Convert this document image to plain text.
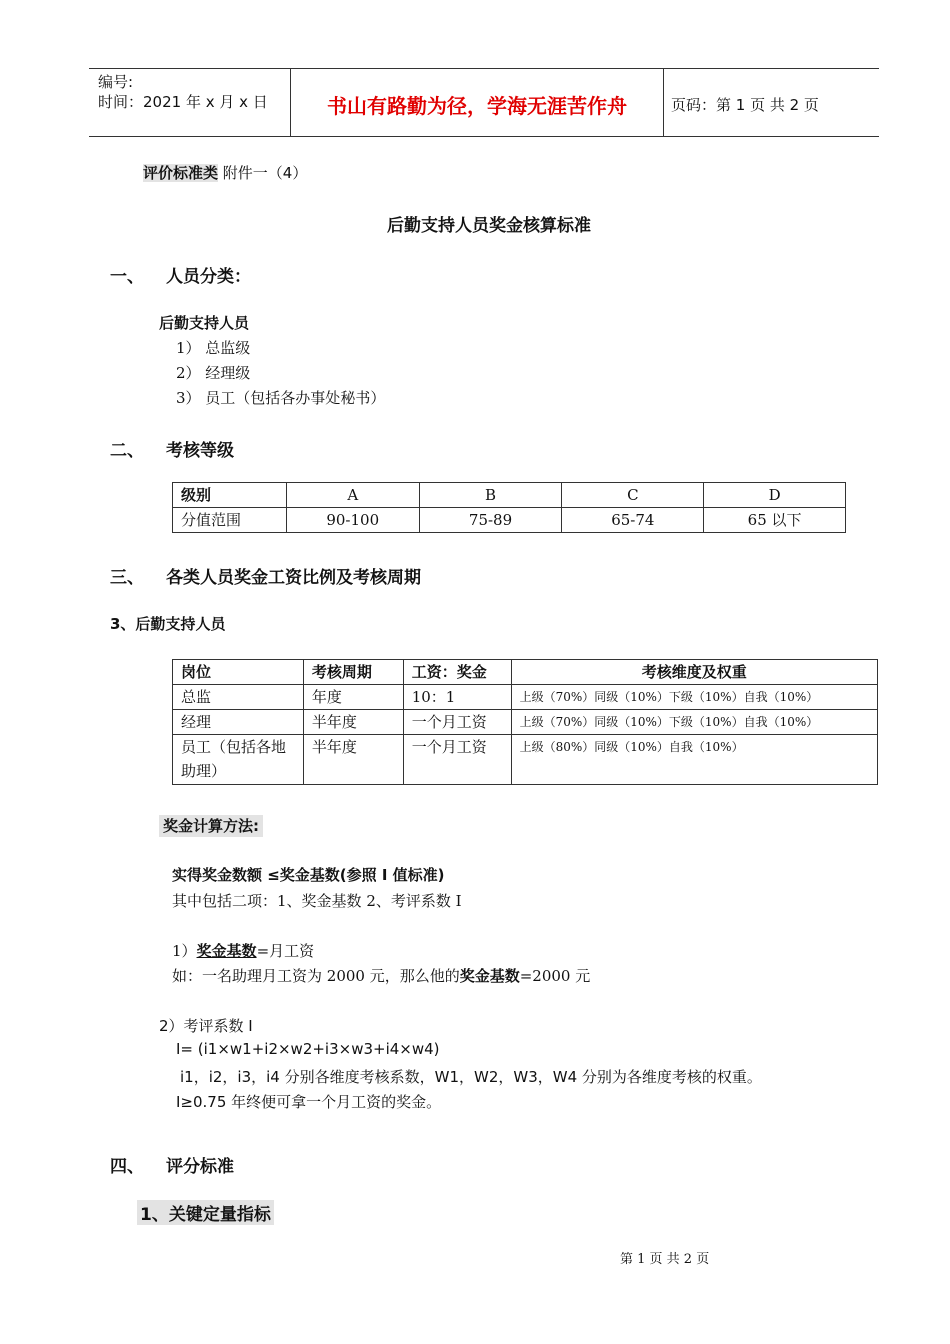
编号:
时间：2021 年 x 月 x 日	书山有路勤为径，学海无涯苦作舟	页码：第 1 页 共 2 页
评价标准类 附件一（4）
后勤支持人员奖金核算标准
一、 人员分类：
后勤支持人员
1） 总监级
2） 经理级
3） 员工（包括各办事处秘书）
二、 考核等级
级别	A	B	C	D
分值范围	90-100	75-89	65-74	65 以下
三、 各类人员奖金工资比例及考核周期
3、后勤支持人员
岗位	考核周期	工资：奖金	考核维度及权重
总监	年度	10：1	上级（70%）同级（10%）下级（10%）自我（10%）
经理	半年度	一个月工资	上级（70%）同级（10%）下级（10%）自我（10%）
员工（包括各地助理）	半年度	一个月工资	上级（80%）同级（10%）自我（10%）
奖金计算方法:
实得奖金数额 ≤奖金基数(参照 I 值标准)
其中包括二项：1、奖金基数 2、考评系数 I
1）奖金基数=月工资
如：一名助理月工资为 2000 元，那么他的奖金基数=2000 元
2）考评系数 I
I= (i1×w1+i2×w2+i3×w3+i4×w4)
i1，i2，i3，i4 分别各维度考核系数，W1，W2，W3，W4 分别为各维度考核的权重。
I≥0.75 年终便可拿一个月工资的奖金。
四、 评分标准
1、关键定量指标
第 1 页 共 2 页
